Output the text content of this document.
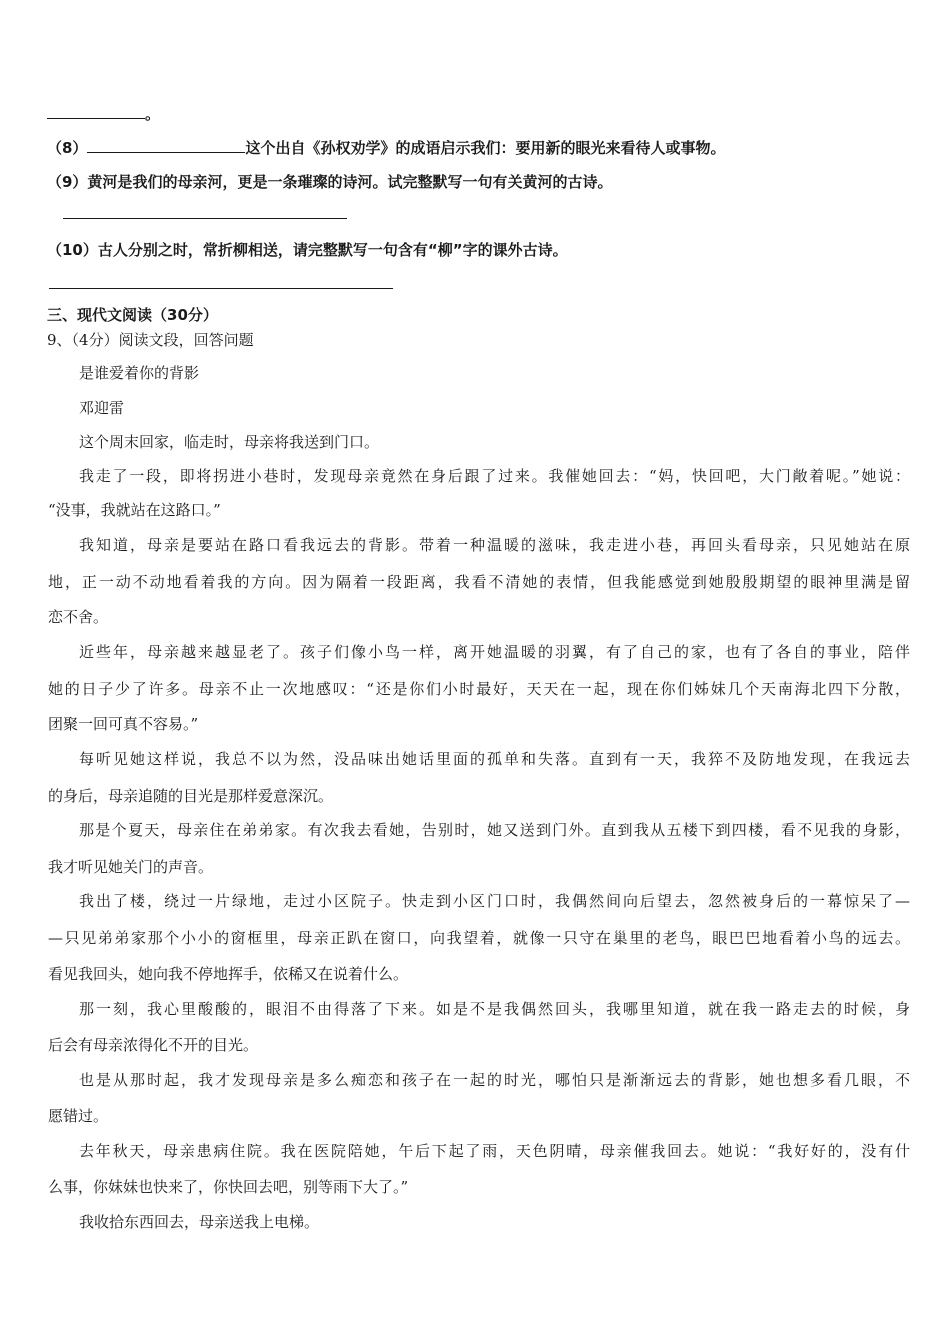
。
（8）	这个出自《孙权劝学》的成语启示我们：要用新的眼光来看待人或事物。
（9）黄河是我们的母亲河，更是一条璀璨的诗河。试完整默写一句有关黄河的古诗。
（10）古人分别之时，常折柳相送，请完整默写一句含有“柳”字的课外古诗。
三、现代文阅读（30分）
9、（4分）阅读文段，回答问题
是谁爱着你的背影
邓迎雷
这个周末回家，临走时，母亲将我送到门口。
我走了一段，即将拐进小巷时，发现母亲竟然在身后跟了过来。我催她回去：“妈，快回吧，大门敞着呢。”她说：
“没事，我就站在这路口。”
我知道，母亲是要站在路口看我远去的背影。带着一种温暖的滋味，我走进小巷，再回头看母亲，只见她站在原
地，正一动不动地看着我的方向。因为隔着一段距离，我看不清她的表情，但我能感觉到她殷殷期望的眼神里满是留
恋不舍。
近些年，母亲越来越显老了。孩子们像小鸟一样，离开她温暖的羽翼，有了自己的家，也有了各自的事业，陪伴
她的日子少了许多。母亲不止一次地感叹：“还是你们小时最好，天天在一起，现在你们姊妹几个天南海北四下分散，
团聚一回可真不容易。”
每听见她这样说，我总不以为然，没品味出她话里面的孤单和失落。直到有一天，我猝不及防地发现，在我远去
的身后，母亲追随的目光是那样爱意深沉。
那是个夏天，母亲住在弟弟家。有次我去看她，告别时，她又送到门外。直到我从五楼下到四楼，看不见我的身影，
我才听见她关门的声音。
我出了楼，绕过一片绿地，走过小区院子。快走到小区门口时，我偶然间向后望去，忽然被身后的一幕惊呆了—
—只见弟弟家那个小小的窗框里，母亲正趴在窗口，向我望着，就像一只守在巢里的老鸟，眼巴巴地看着小鸟的远去。
看见我回头，她向我不停地挥手，依稀又在说着什么。
那一刻，我心里酸酸的，眼泪不由得落了下来。如是不是我偶然回头，我哪里知道，就在我一路走去的时候，身
后会有母亲浓得化不开的目光。
也是从那时起，我才发现母亲是多么痴恋和孩子在一起的时光，哪怕只是渐渐远去的背影，她也想多看几眼，不
愿错过。
去年秋天，母亲患病住院。我在医院陪她，午后下起了雨，天色阴晴，母亲催我回去。她说：“我好好的，没有什
么事，你妹妹也快来了，你快回去吧，别等雨下大了。”
我收拾东西回去，母亲送我上电梯。
